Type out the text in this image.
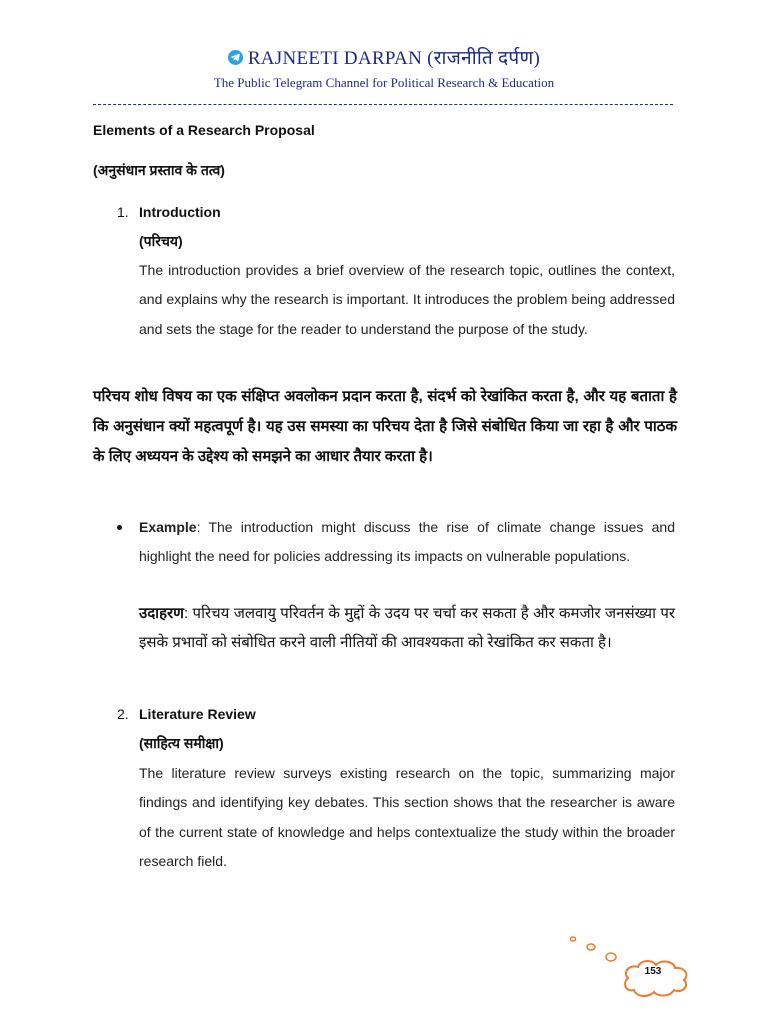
RAJNEETI DARPAN (राजनीति दर्पण)
The Public Telegram Channel for Political Research & Education
Elements of a Research Proposal
(अनुसंधान प्रस्ताव के तत्व)
1. Introduction
(परिचय)
The introduction provides a brief overview of the research topic, outlines the context, and explains why the research is important. It introduces the problem being addressed and sets the stage for the reader to understand the purpose of the study.
परिचय शोध विषय का एक संक्षिप्त अवलोकन प्रदान करता है, संदर्भ को रेखांकित करता है, और यह बताता है कि अनुसंधान क्यों महत्वपूर्ण है। यह उस समस्या का परिचय देता है जिसे संबोधित किया जा रहा है और पाठक के लिए अध्ययन के उद्देश्य को समझने का आधार तैयार करता है।
Example: The introduction might discuss the rise of climate change issues and highlight the need for policies addressing its impacts on vulnerable populations.
उदाहरण: परिचय जलवायु परिवर्तन के मुद्दों के उदय पर चर्चा कर सकता है और कमजोर जनसंख्या पर इसके प्रभावों को संबोधित करने वाली नीतियों की आवश्यकता को रेखांकित कर सकता है।
2. Literature Review
(साहित्य समीक्षा)
The literature review surveys existing research on the topic, summarizing major findings and identifying key debates. This section shows that the researcher is aware of the current state of knowledge and helps contextualize the study within the broader research field.
153
